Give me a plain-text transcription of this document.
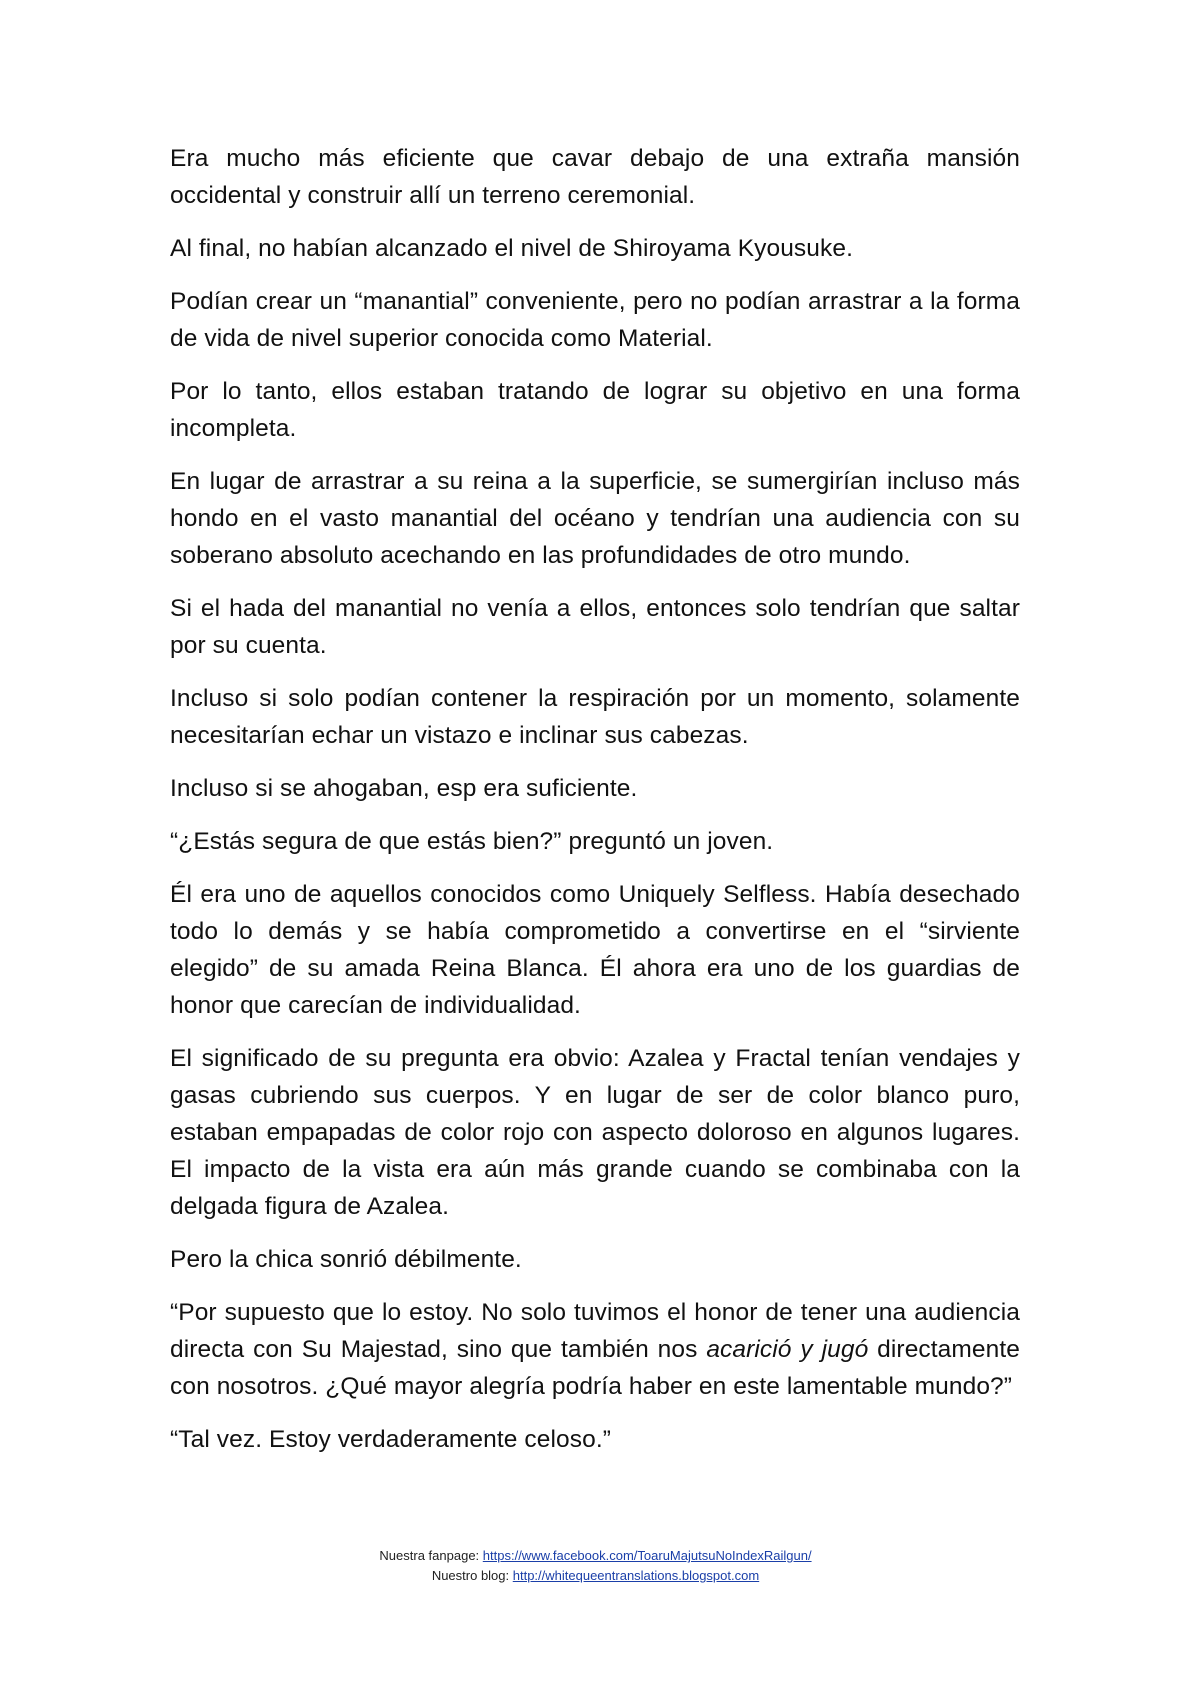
Era mucho más eficiente que cavar debajo de una extraña mansión occidental y construir allí un terreno ceremonial.

Al final, no habían alcanzado el nivel de Shiroyama Kyousuke.

Podían crear un “manantial” conveniente, pero no podían arrastrar a la forma de vida de nivel superior conocida como Material.

Por lo tanto, ellos estaban tratando de lograr su objetivo en una forma incompleta.

En lugar de arrastrar a su reina a la superficie, se sumergirían incluso más hondo en el vasto manantial del océano y tendrían una audiencia con su soberano absoluto acechando en las profundidades de otro mundo.

Si el hada del manantial no venía a ellos, entonces solo tendrían que saltar por su cuenta.

Incluso si solo podían contener la respiración por un momento, solamente necesitarían echar un vistazo e inclinar sus cabezas.

Incluso si se ahogaban, esp era suficiente.

“¿Estás segura de que estás bien?” preguntó un joven.

Él era uno de aquellos conocidos como Uniquely Selfless. Había desechado todo lo demás y se había comprometido a convertirse en el “sirviente elegido” de su amada Reina Blanca. Él ahora era uno de los guardias de honor que carecían de individualidad.

El significado de su pregunta era obvio: Azalea y Fractal tenían vendajes y gasas cubriendo sus cuerpos. Y en lugar de ser de color blanco puro, estaban empapadas de color rojo con aspecto doloroso en algunos lugares. El impacto de la vista era aún más grande cuando se combinaba con la delgada figura de Azalea.

Pero la chica sonrió débilmente.

“Por supuesto que lo estoy. No solo tuvimos el honor de tener una audiencia directa con Su Majestad, sino que también nos acarició y jugó directamente con nosotros. ¿Qué mayor alegría podría haber en este lamentable mundo?”

“Tal vez. Estoy verdaderamente celoso.”

Nuestra fanpage: https://www.facebook.com/ToaruMajutsuNoIndexRailgun/
Nuestro blog: http://whitequeentranslations.blogspot.com
